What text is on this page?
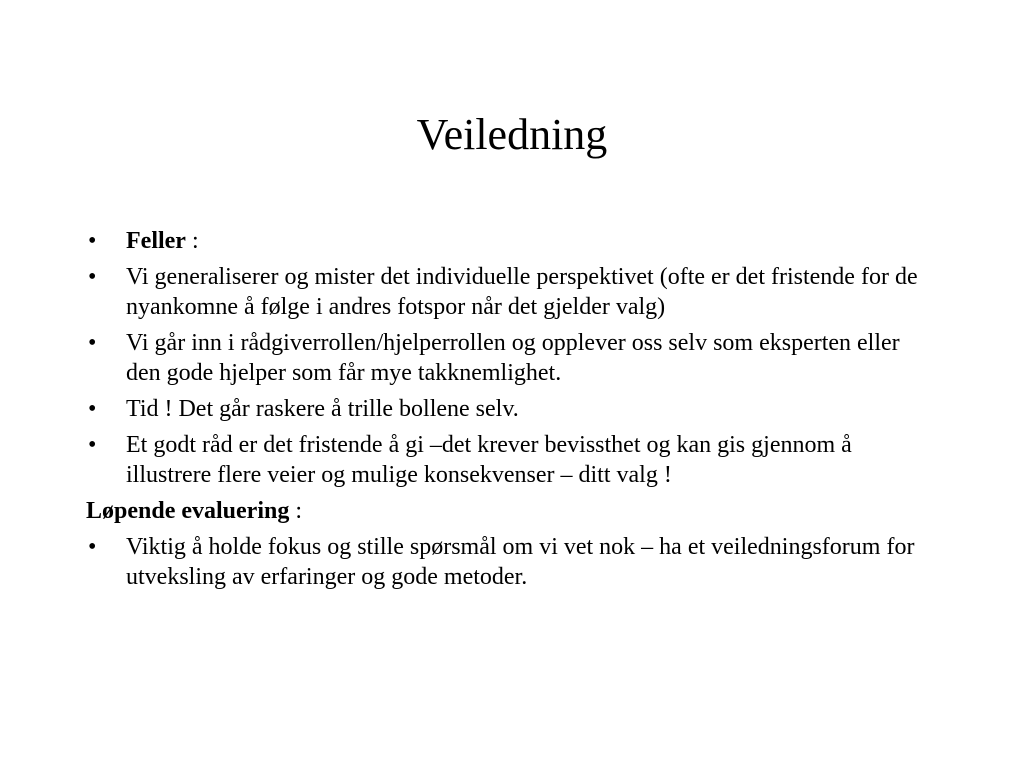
Veiledning
• Feller :
• Vi generaliserer og mister det individuelle perspektivet (ofte er det fristende for de nyankomne å følge i andres fotspor når det gjelder valg)
• Vi går inn i rådgiverrollen/hjelperrollen og opplever oss selv som eksperten eller den gode hjelper som får mye takknemlighet.
• Tid ! Det går raskere å trille bollene selv.
• Et godt råd er det fristende å gi –det krever bevissthet og kan gis gjennom å illustrere flere veier og mulige konsekvenser – ditt valg !
Løpende evaluering :
• Viktig å holde fokus og stille spørsmål om vi vet nok – ha et veiledningsforum for utveksling av erfaringer og gode metoder.
